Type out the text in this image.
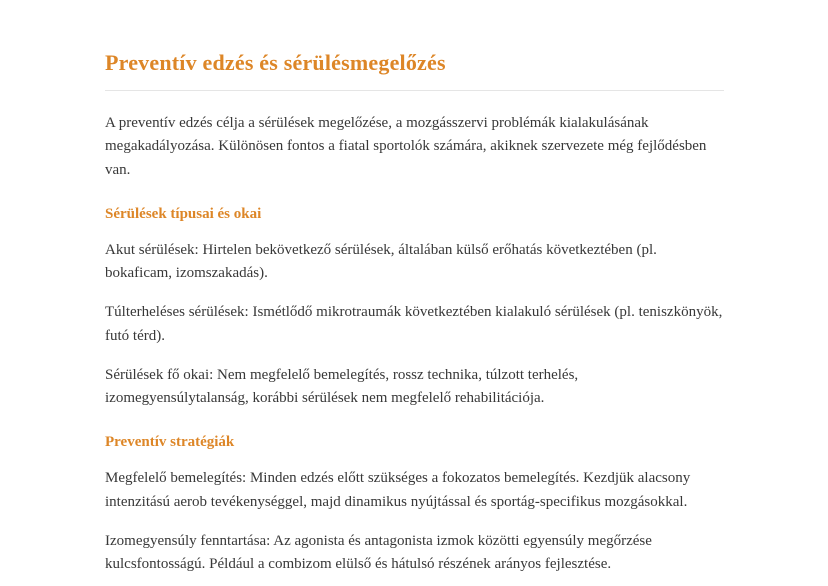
Preventív edzés és sérülésmegelőzés

A preventív edzés célja a sérülések megelőzése, a mozgásszervi problémák kialakulásának megakadályozása. Különösen fontos a fiatal sportolók számára, akiknek szervezete még fejlődésben van.

Sérülések típusai és okai

Akut sérülések: Hirtelen bekövetkező sérülések, általában külső erőhatás következtében (pl. bokaficam, izomszakadás).

Túlterheléses sérülések: Ismétlődő mikrotraumák következtében kialakuló sérülések (pl. teniszkönyök, futó térd).

Sérülések fő okai: Nem megfelelő bemelegítés, rossz technika, túlzott terhelés, izomegyensúlytalanság, korábbi sérülések nem megfelelő rehabilitációja.

Preventív stratégiák

Megfelelő bemelegítés: Minden edzés előtt szükséges a fokozatos bemelegítés. Kezdjük alacsony intenzitású aerob tevékenységgel, majd dinamikus nyújtással és sportág-specifikus mozgásokkal.

Izomegyensúly fenntartása: Az agonista és antagonista izmok közötti egyensúly megőrzése kulcsfontosságú. Például a combizom elülső és hátulsó részének arányos fejlesztése.
